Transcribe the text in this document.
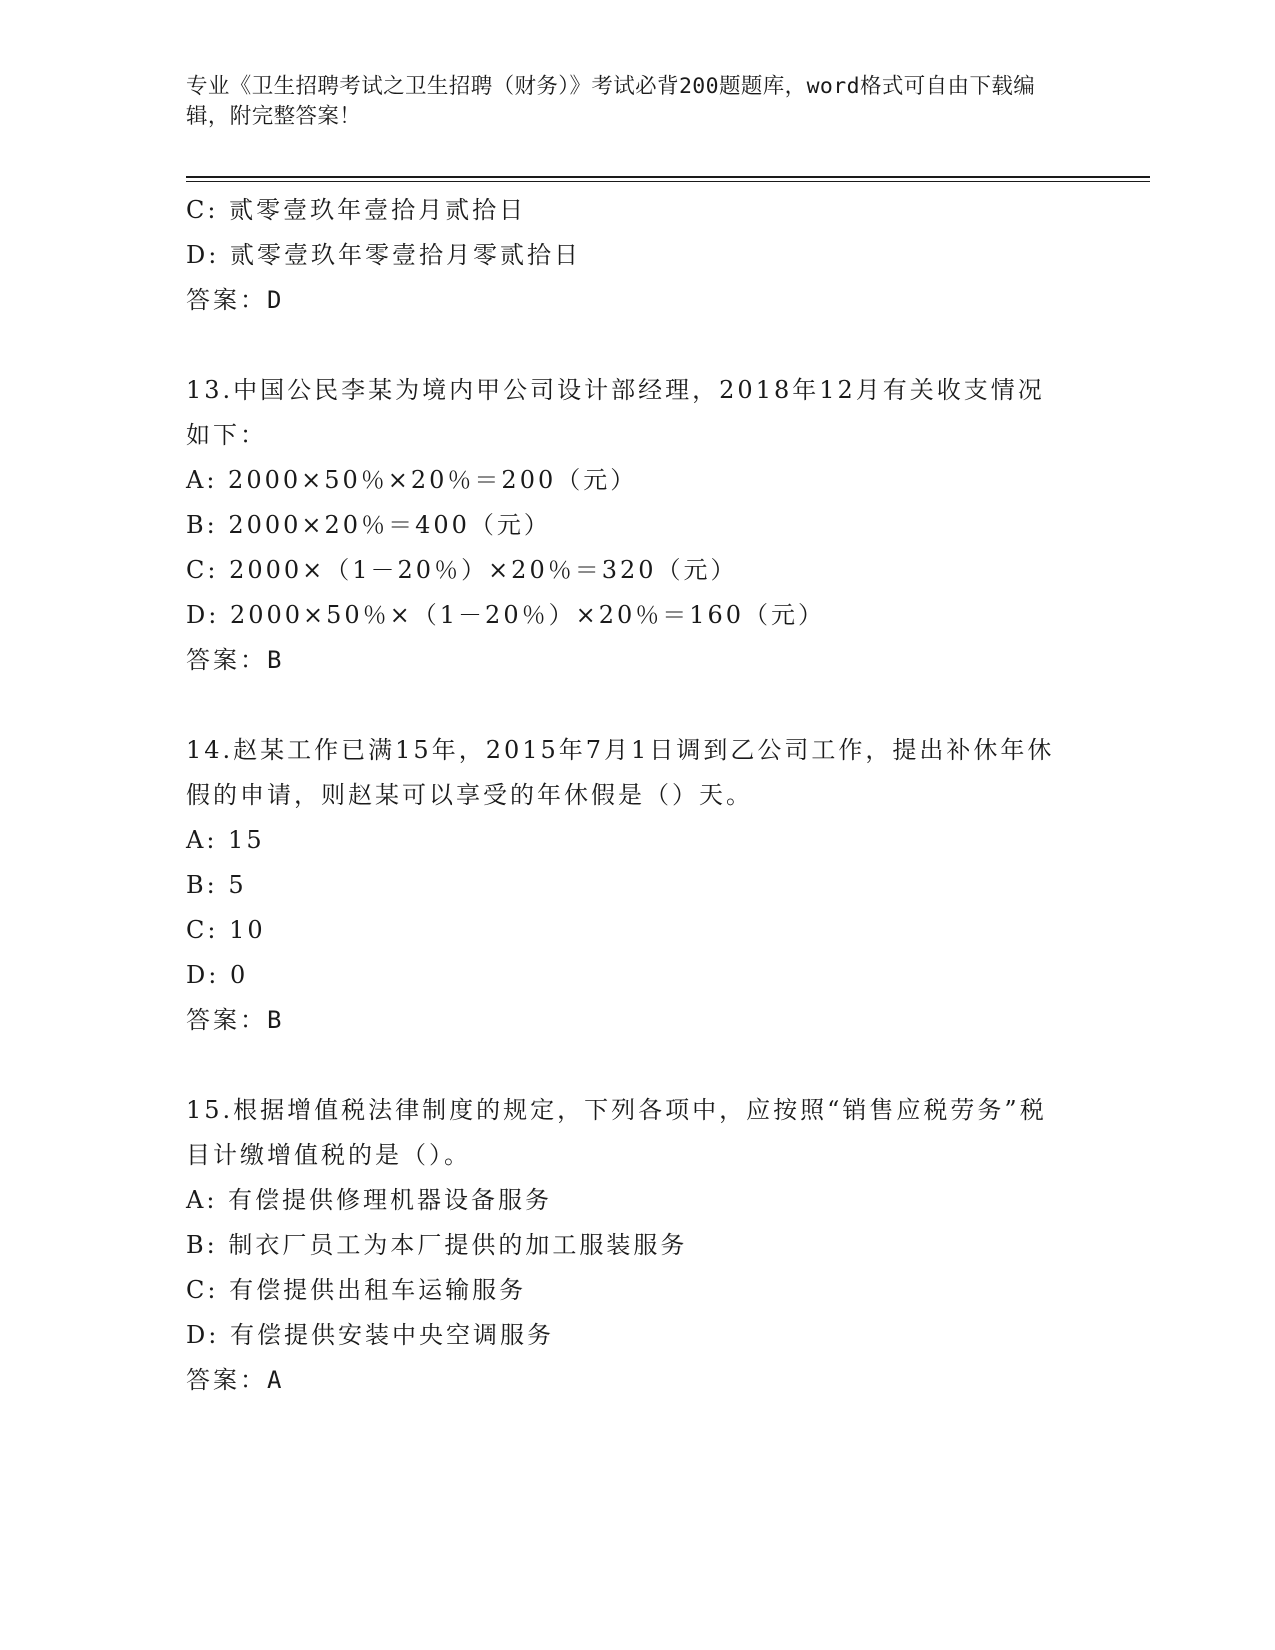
专业《卫生招聘考试之卫生招聘（财务）》考试必背200题题库，word格式可自由下载编辑，附完整答案！
C: 贰零壹玖年壹拾月贰拾日
D: 贰零壹玖年零壹拾月零贰拾日
答案：D
13.中国公民李某为境内甲公司设计部经理，2018年12月有关收支情况如下：
A: 2000×50％×20％＝200（元）
B: 2000×20％＝400（元）
C: 2000×（1－20％）×20％＝320（元）
D: 2000×50％×（1－20％）×20％＝160（元）
答案：B
14.赵某工作已满15年，2015年7月1日调到乙公司工作，提出补休年休假的申请，则赵某可以享受的年休假是（）天。
A: 15
B: 5
C: 10
D: 0
答案：B
15.根据增值税法律制度的规定，下列各项中，应按照“销售应税劳务”税目计缴增值税的是（）。
A: 有偿提供修理机器设备服务
B: 制衣厂员工为本厂提供的加工服装服务
C: 有偿提供出租车运输服务
D: 有偿提供安装中央空调服务
答案：A
